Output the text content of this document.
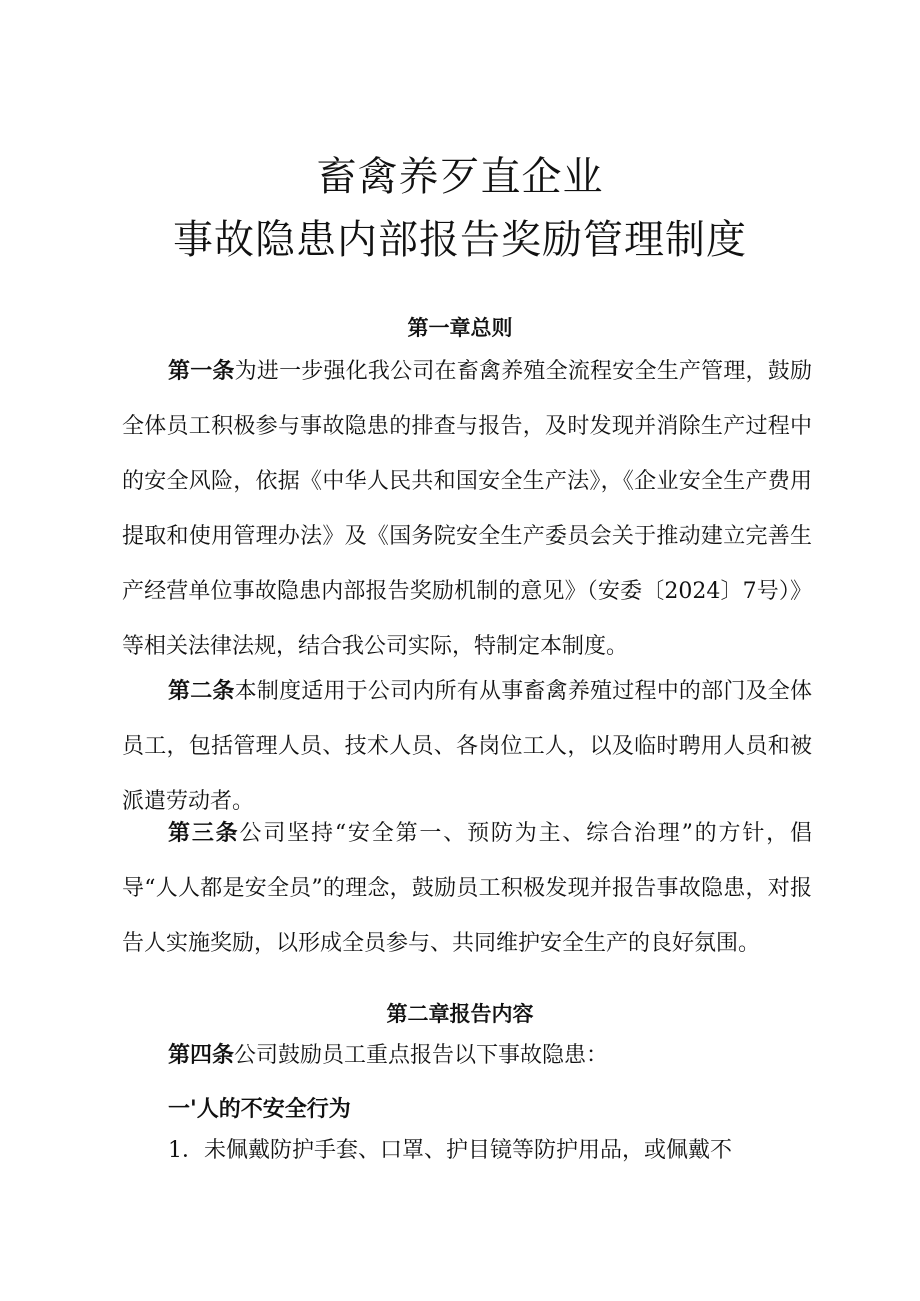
畜禽养歹直企业
事故隐患内部报告奖励管理制度
第一章总则

第一条为进一步强化我公司在畜禽养殖全流程安全生产管理，鼓励全体员工积极参与事故隐患的排查与报告，及时发现并消除生产过程中的安全风险，依据《中华人民共和国安全生产法》，《企业安全生产费用提取和使用管理办法》及《国务院安全生产委员会关于推动建立完善生产经营单位事故隐患内部报告奖励机制的意见》（安委〔2024〕7号）》等相关法律法规，结合我公司实际，特制定本制度。

第二条本制度适用于公司内所有从事畜禽养殖过程中的部门及全体员工，包括管理人员、技术人员、各岗位工人，以及临时聘用人员和被派遣劳动者。

第三条公司坚持“安全第一、预防为主、综合治理”的方针，倡导“人人都是安全员”的理念，鼓励员工积极发现并报告事故隐患，对报告人实施奖励，以形成全员参与、共同维护安全生产的良好氛围。

第二章报告内容

第四条公司鼓励员工重点报告以下事故隐患：

一'人的不安全行为

1．未佩戴防护手套、口罩、护目镜等防护用品，或佩戴不
